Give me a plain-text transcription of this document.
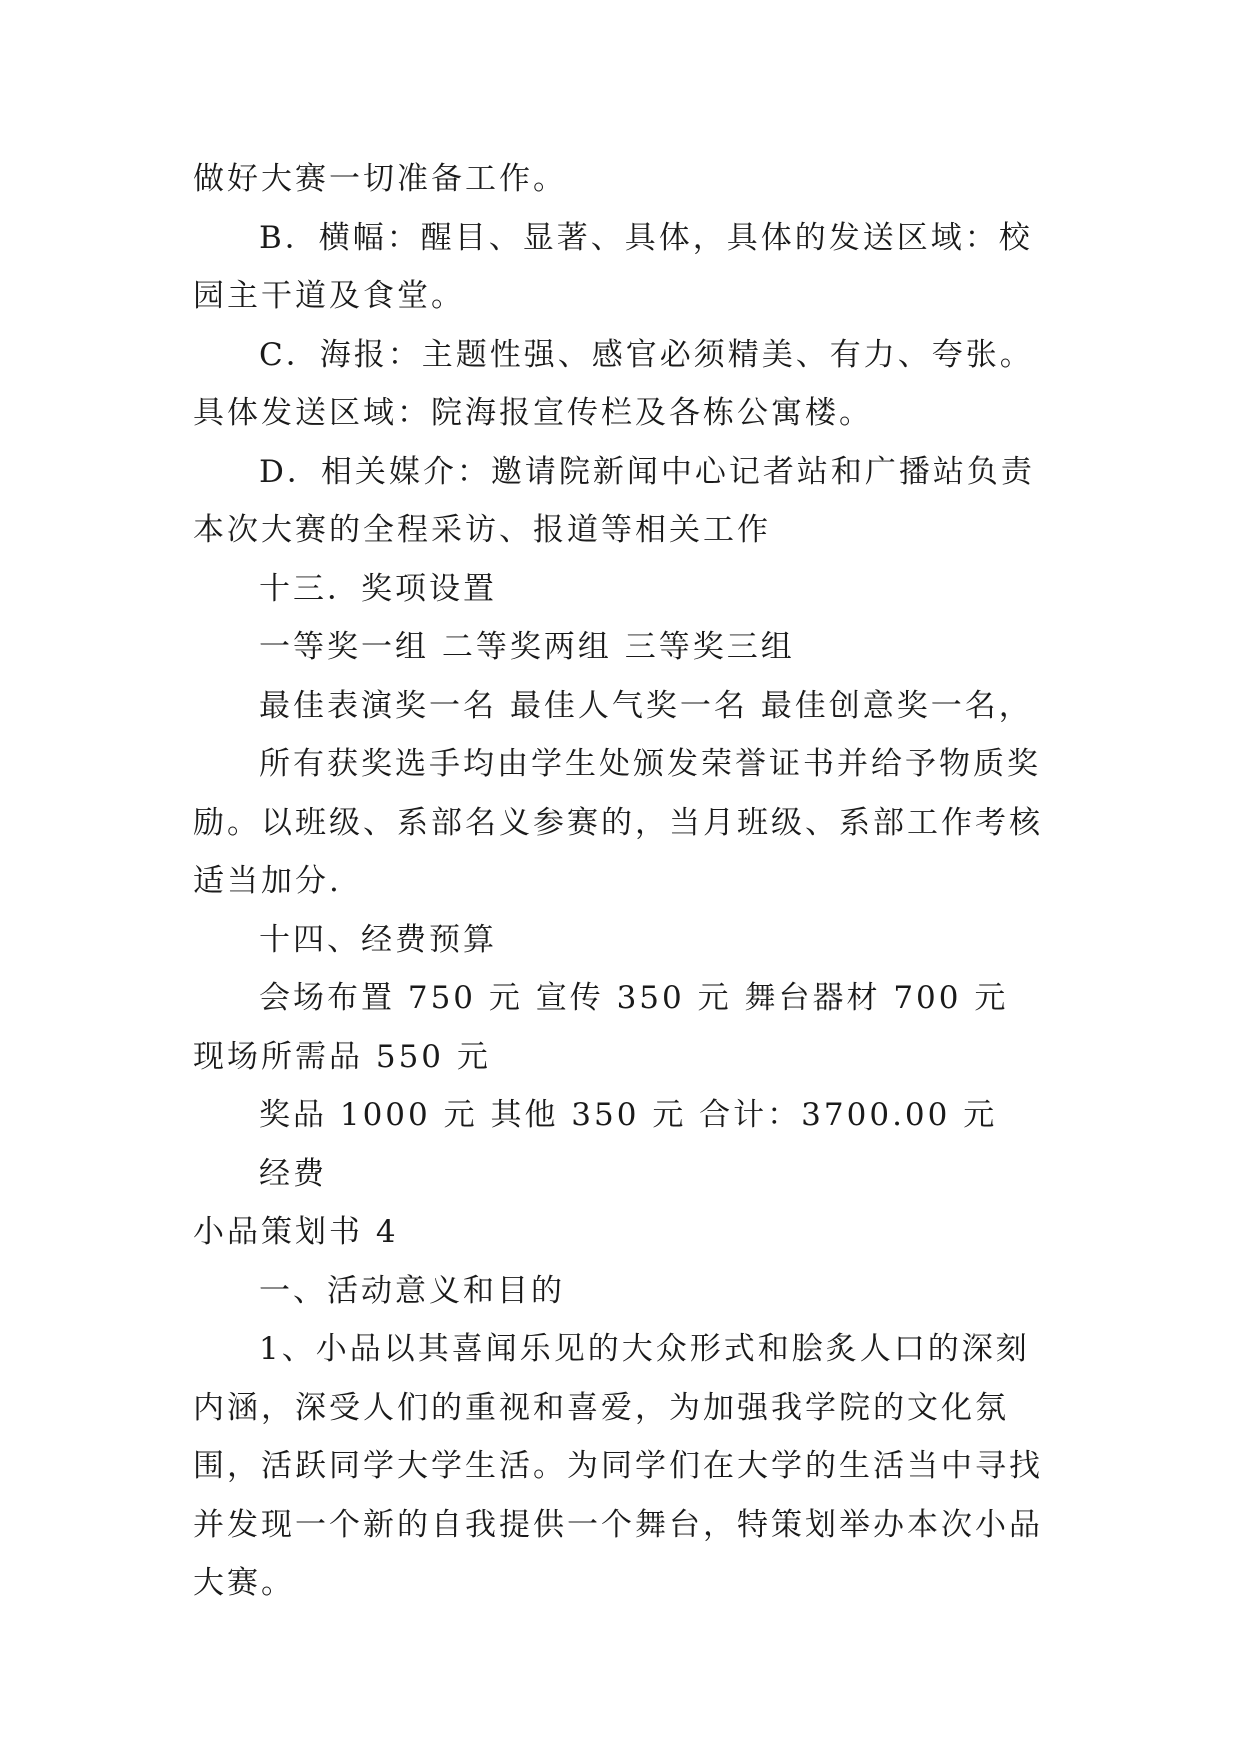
做好大赛一切准备工作。

B．横幅：醒目、显著、具体，具体的发送区域：校园主干道及食堂。

C．海报：主题性强、感官必须精美、有力、夸张。具体发送区域：院海报宣传栏及各栋公寓楼。

D．相关媒介：邀请院新闻中心记者站和广播站负责本次大赛的全程采访、报道等相关工作

十三．奖项设置

一等奖一组 二等奖两组 三等奖三组

最佳表演奖一名 最佳人气奖一名 最佳创意奖一名，

所有获奖选手均由学生处颁发荣誉证书并给予物质奖励。以班级、系部名义参赛的，当月班级、系部工作考核适当加分.

十四、经费预算

会场布置 750 元 宣传 350 元 舞台器材 700 元 现场所需品 550 元

奖品 1000 元 其他 350 元 合计：3700.00 元

经费

小品策划书 4

一、活动意义和目的

1、小品以其喜闻乐见的大众形式和脍炙人口的深刻内涵，深受人们的重视和喜爱，为加强我学院的文化氛围，活跃同学大学生活。为同学们在大学的生活当中寻找并发现一个新的自我提供一个舞台，特策划举办本次小品大赛。
